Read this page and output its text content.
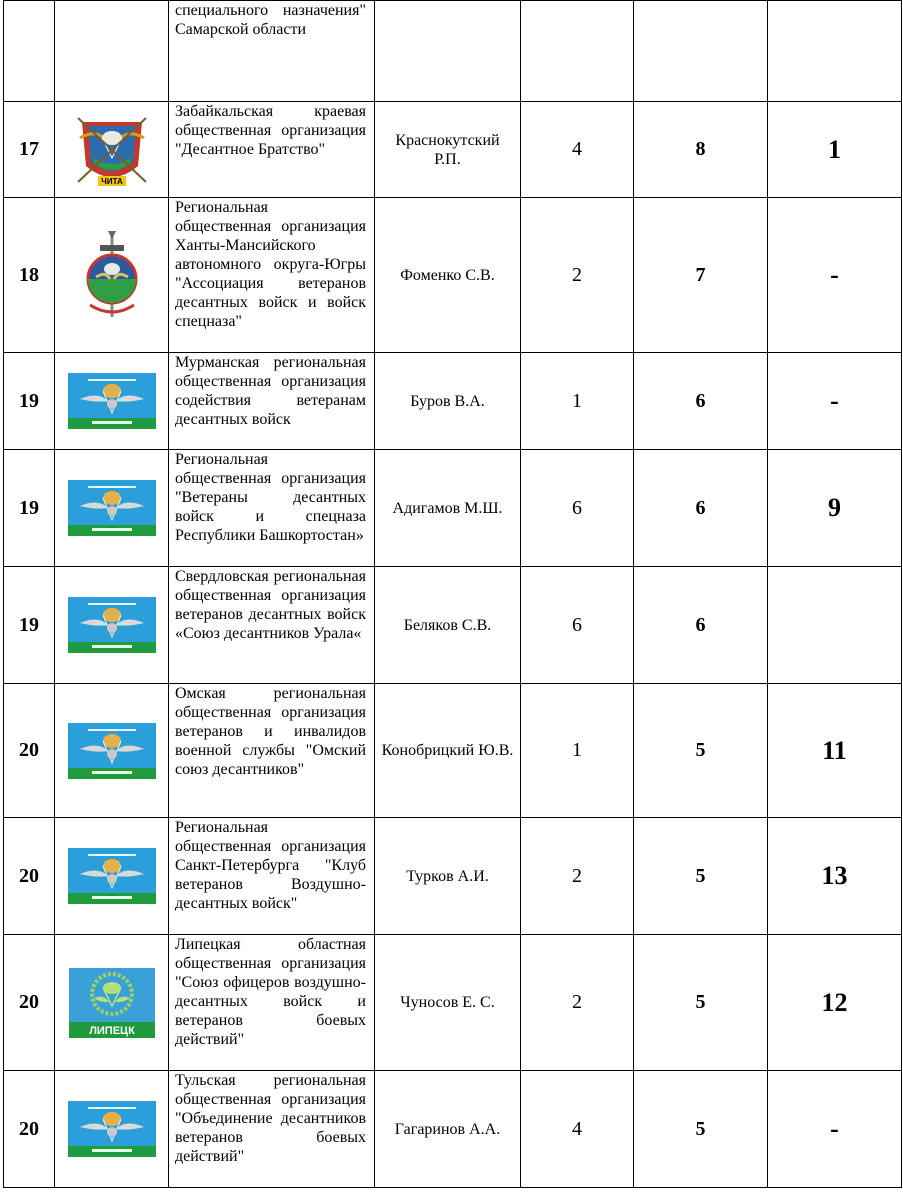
		специального назначения" Самарской области				
17	ЧИТА	Забайкальская краевая общественная организация "Десантное Братство"	Краснокутский Р.П.	4	8	1
18		Региональная общественная организация Ханты-Мансийского автономного округа-Югры "Ассоциация ветеранов десантных войск и войск спецназа"	Фоменко С.В.	2	7	-
19		Мурманская региональная общественная организация содействия ветеранам десантных войск	Буров В.А.	1	6	-
19		Региональная общественная организация "Ветераны десантных войск и спецназа Республики Башкортостан»	Адигамов М.Ш.	6	6	9
19		Свердловская региональная общественная организация ветеранов десантных войск «Союз десантников Урала«	Беляков С.В.	6	6	
20		Омская региональная общественная организация ветеранов и инвалидов военной службы "Омский союз десантников"	Конобрицкий Ю.В.	1	5	11
20		Региональная общественная организация Санкт-Петербурга "Клуб ветеранов Воздушно-десантных войск"	Турков А.И.	2	5	13
20	ЛИПЕЦК	Липецкая областная общественная организация "Союз офицеров воздушно-десантных войск и ветеранов боевых действий"	Чуносов Е. С.	2	5	12
20		Тульская региональная общественная организация "Объединение десантников ветеранов боевых действий"	Гагаринов А.А.	4	5	-
